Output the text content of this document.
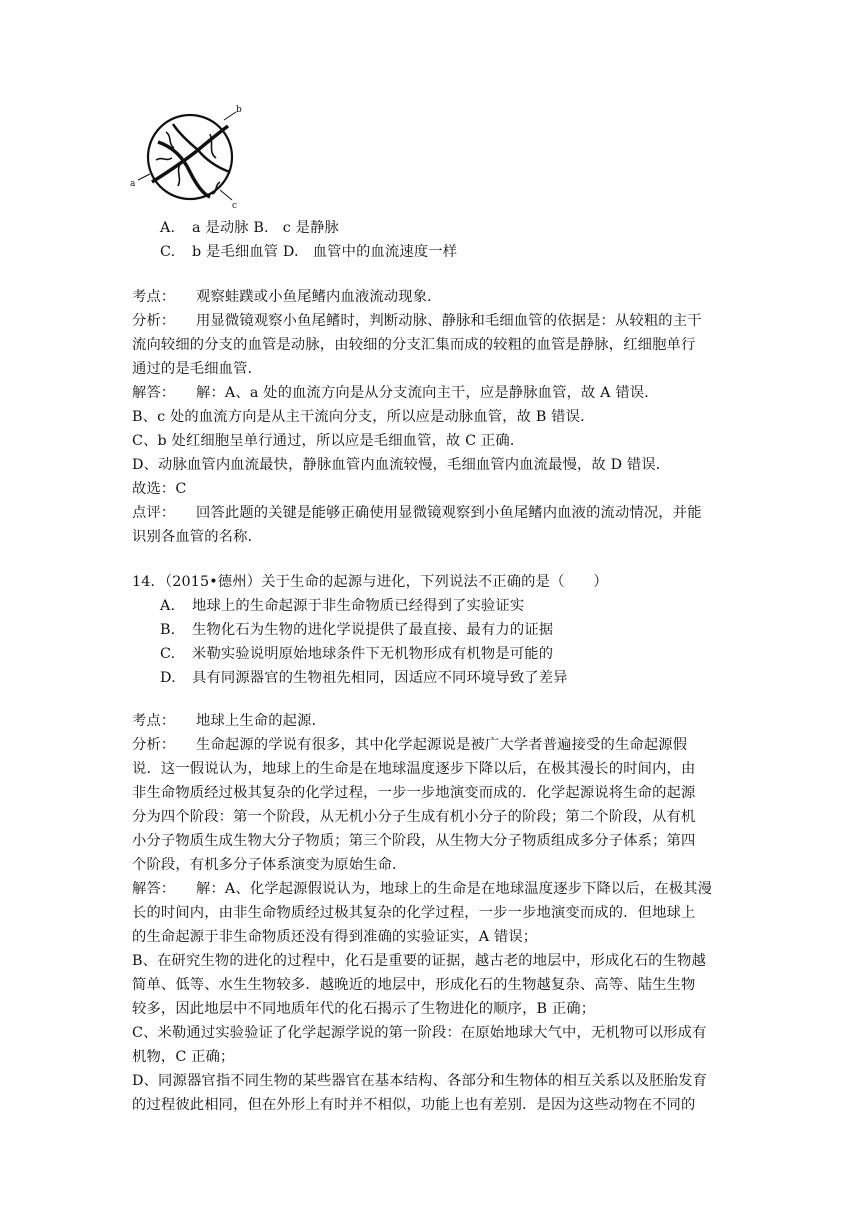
b
a
c
A. a 是动脉 B. c 是静脉
C. b 是毛细血管 D. 血管中的血流速度一样
考点： 观察蛙蹼或小鱼尾鳍内血液流动现象．
分析： 用显微镜观察小鱼尾鳍时，判断动脉、静脉和毛细血管的依据是：从较粗的主干
流向较细的分支的血管是动脉，由较细的分支汇集而成的较粗的血管是静脉，红细胞单行
通过的是毛细血管．
解答： 解：A、a 处的血流方向是从分支流向主干，应是静脉血管，故 A 错误．
B、c 处的血流方向是从主干流向分支，所以应是动脉血管，故 B 错误．
C、b 处红细胞呈单行通过，所以应是毛细血管，故 C 正确．
D、动脉血管内血流最快，静脉血管内血流较慢，毛细血管内血流最慢，故 D 错误．
故选：C
点评： 回答此题的关键是能够正确使用显微镜观察到小鱼尾鳍内血液的流动情况，并能
识别各血管的名称．
14．（2015•德州）关于生命的起源与进化，下列说法不正确的是（　　）
A. 地球上的生命起源于非生命物质已经得到了实验证实
B. 生物化石为生物的进化学说提供了最直接、最有力的证据
C. 米勒实验说明原始地球条件下无机物形成有机物是可能的
D. 具有同源器官的生物祖先相同，因适应不同环境导致了差异
考点： 地球上生命的起源．
分析： 生命起源的学说有很多，其中化学起源说是被广大学者普遍接受的生命起源假
说．这一假说认为，地球上的生命是在地球温度逐步下降以后，在极其漫长的时间内，由
非生命物质经过极其复杂的化学过程，一步一步地演变而成的．化学起源说将生命的起源
分为四个阶段：第一个阶段，从无机小分子生成有机小分子的阶段；第二个阶段，从有机
小分子物质生成生物大分子物质；第三个阶段，从生物大分子物质组成多分子体系；第四
个阶段，有机多分子体系演变为原始生命．
解答： 解：A、化学起源假说认为，地球上的生命是在地球温度逐步下降以后，在极其漫
长的时间内，由非生命物质经过极其复杂的化学过程，一步一步地演变而成的．但地球上
的生命起源于非生命物质还没有得到准确的实验证实，A 错误；
B、在研究生物的进化的过程中，化石是重要的证据，越古老的地层中，形成化石的生物越
简单、低等、水生生物较多．越晚近的地层中，形成化石的生物越复杂、高等、陆生生物
较多，因此地层中不同地质年代的化石揭示了生物进化的顺序，B 正确；
C、米勒通过实验验证了化学起源学说的第一阶段：在原始地球大气中，无机物可以形成有
机物，C 正确；
D、同源器官指不同生物的某些器官在基本结构、各部分和生物体的相互关系以及胚胎发育
的过程彼此相同，但在外形上有时并不相似，功能上也有差别．是因为这些动物在不同的
